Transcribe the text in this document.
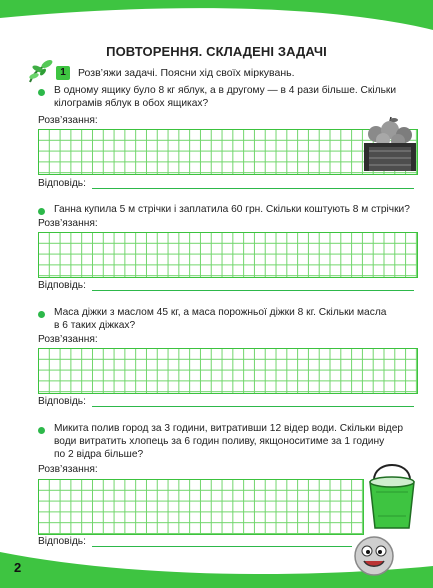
ПОВТОРЕННЯ. СКЛАДЕНІ ЗАДАЧІ
1	Розв’яжи задачі. Поясни хід своїх міркувань.
В одному ящику було 8 кг яблук, а в другому — в 4 рази більше. Скільки
кілограмів яблук в обох ящиках?
Розв’язання:
Відповідь:
Ганна купила 5 м стрічки і заплатила 60 грн. Скільки коштують 8 м стрічки?
Розв’язання:
Відповідь:
Маса діжки з маслом 45 кг, а маса порожньої діжки 8 кг. Скільки масла
в 6 таких діжках?
Розв’язання:
Відповідь:
Микита полив город за 3 години, витративши 12 відер води. Скільки відер
води витратить хлопець за 6 годин поливу, якщоноситиме за 1 годину
по 2 відра більше?
Розв’язання:
Відповідь:
2
